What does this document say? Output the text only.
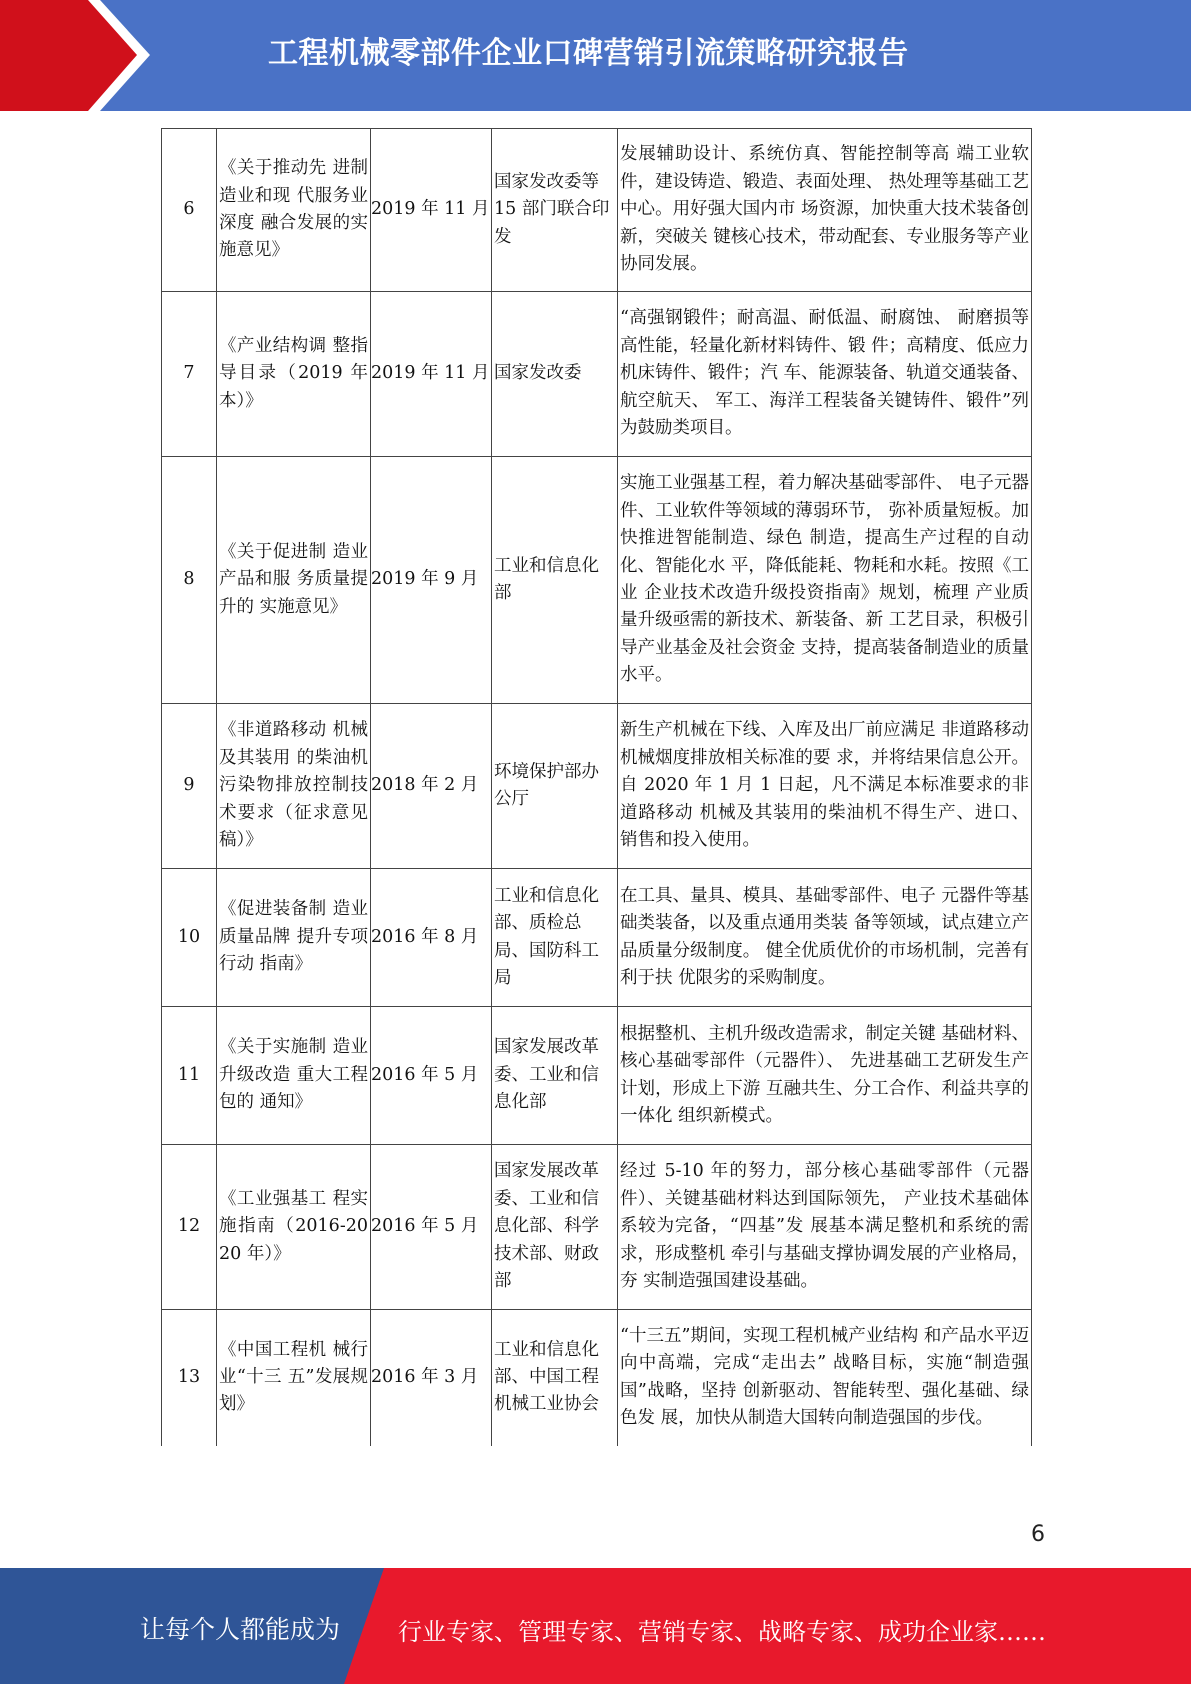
工程机械零部件企业口碑营销引流策略研究报告
6	《关于推动先 进制造业和现 代服务业深度 融合发展的实 施意见》	2019 年 11 月	国家发改委等 15 部门联合印发	发展辅助设计、系统仿真、智能控制等高 端工业软件，建设铸造、锻造、表面处理、 热处理等基础工艺中心。用好强大国内市 场资源，加快重大技术装备创新，突破关 键核心技术，带动配套、专业服务等产业 协同发展。
7	《产业结构调 整指导目录（2019 年本）》	2019 年 11 月	国家发改委	“高强钢锻件；耐高温、耐低温、耐腐蚀、 耐磨损等高性能，轻量化新材料铸件、锻 件；高精度、低应力机床铸件、锻件；汽 车、能源装备、轨道交通装备、航空航天、 军工、海洋工程装备关键铸件、锻件”列 为鼓励类项目。
8	《关于促进制 造业产品和服 务质量提升的 实施意见》	2019 年 9 月	工业和信息化部	实施工业强基工程，着力解决基础零部件、 电子元器件、工业软件等领域的薄弱环节， 弥补质量短板。加快推进智能制造、绿色 制造，提高生产过程的自动化、智能化水 平，降低能耗、物耗和水耗。按照《工业 企业技术改造升级投资指南》规划，梳理 产业质量升级亟需的新技术、新装备、新 工艺目录，积极引导产业基金及社会资金 支持，提高装备制造业的质量水平。
9	《非道路移动 机械及其装用 的柴油机污染物排放控制技 术要求（征求意见稿）》	2018 年 2 月	环境保护部办公厅	新生产机械在下线、入库及出厂前应满足 非道路移动机械烟度排放相关标准的要 求，并将结果信息公开。自 2020 年 1 月 1 日起，凡不满足本标准要求的非道路移动 机械及其装用的柴油机不得生产、进口、 销售和投入使用。
10	《促进装备制 造业质量品牌 提升专项行动 指南》	2016 年 8 月	工业和信息化部、质检总局、国防科工局	在工具、量具、模具、基础零部件、电子 元器件等基础类装备，以及重点通用类装 备等领域，试点建立产品质量分级制度。 健全优质优价的市场机制，完善有利于扶 优限劣的采购制度。
11	《关于实施制 造业升级改造 重大工程包的 通知》	2016 年 5 月	国家发展改革委、工业和信息化部	根据整机、主机升级改造需求，制定关键 基础材料、核心基础零部件（元器件）、 先进基础工艺研发生产计划，形成上下游 互融共生、分工合作、利益共享的一体化 组织新模式。
12	《工业强基工 程实施指南（2016-2020 年）》	2016 年 5 月	国家发展改革委、工业和信息化部、科学技术部、财政部	经过 5-10 年的努力，部分核心基础零部件（元器件）、关键基础材料达到国际领先， 产业技术基础体系较为完备，“四基”发 展基本满足整机和系统的需求，形成整机 牵引与基础支撑协调发展的产业格局，夯 实制造强国建设基础。
13	《中国工程机 械行业“十三 五”发展规划》	2016 年 3 月	工业和信息化部、中国工程机械工业协会	“十三五”期间，实现工程机械产业结构 和产品水平迈向中高端，完成“走出去” 战略目标，实施“制造强国”战略，坚持 创新驱动、智能转型、强化基础、绿色发 展，加快从制造大国转向制造强国的步伐。
6
让每个人都能成为 行业专家、管理专家、营销专家、战略专家、成功企业家……
